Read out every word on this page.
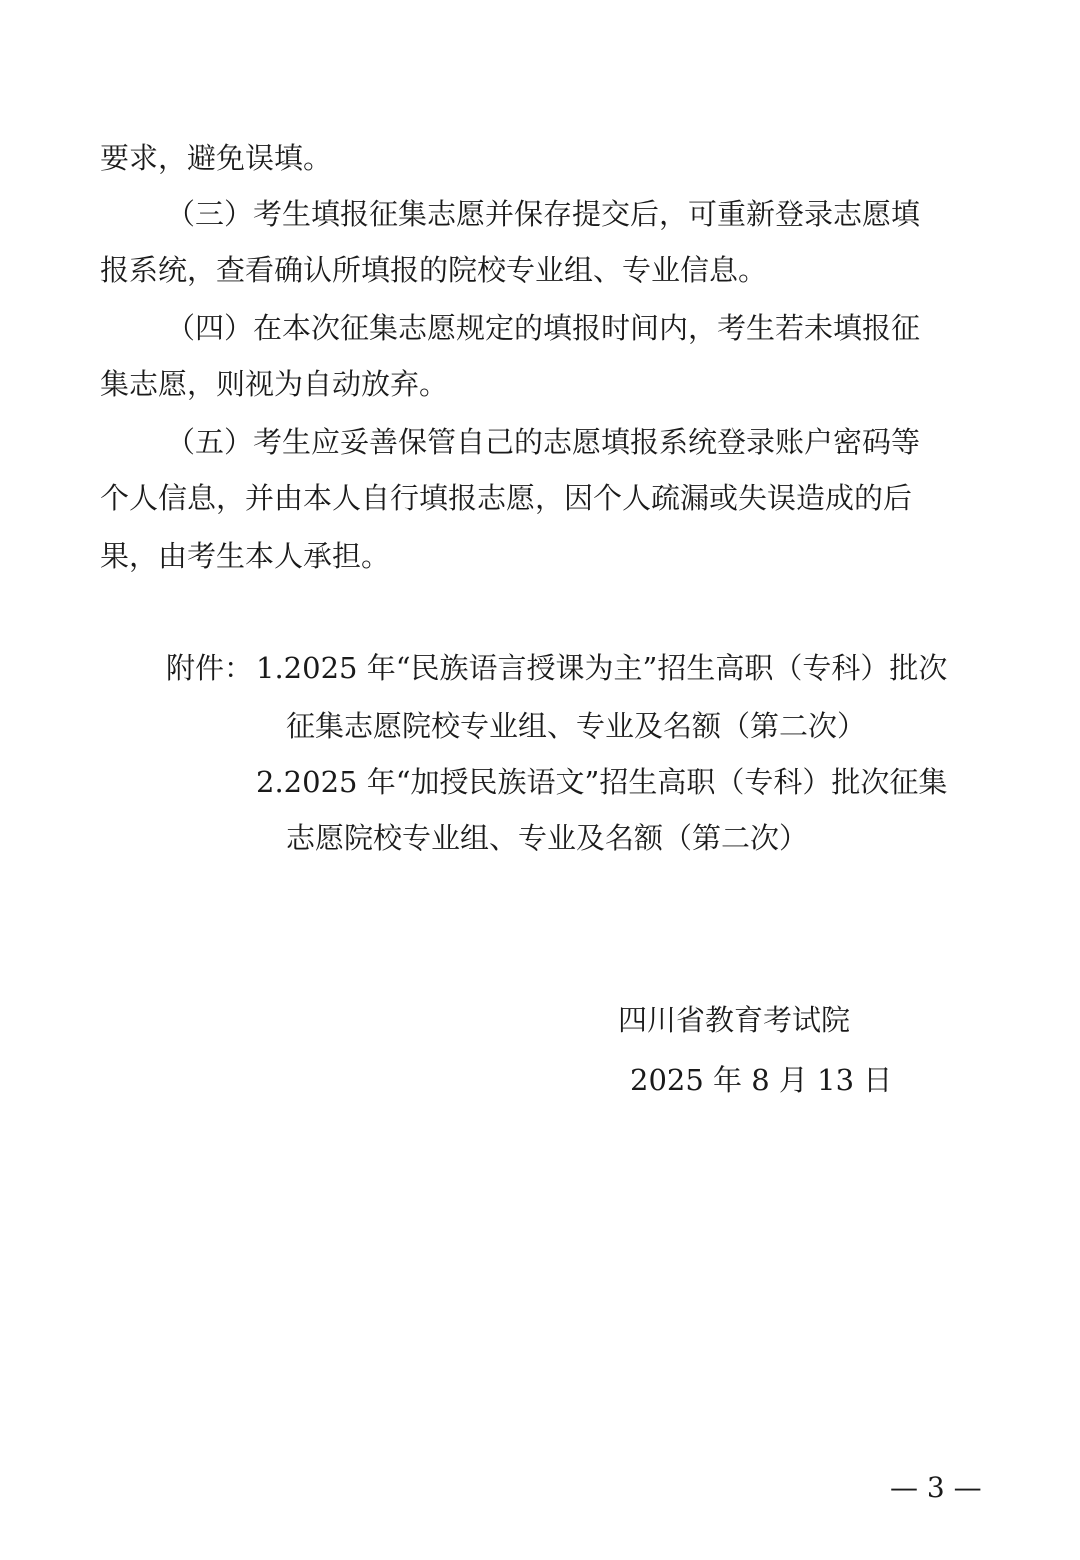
要求，避免误填。
（三）考生填报征集志愿并保存提交后，可重新登录志愿填
报系统，查看确认所填报的院校专业组、专业信息。
（四）在本次征集志愿规定的填报时间内，考生若未填报征
集志愿，则视为自动放弃。
（五）考生应妥善保管自己的志愿填报系统登录账户密码等
个人信息，并由本人自行填报志愿，因个人疏漏或失误造成的后
果，由考生本人承担。
附件： 1.2025 年“民族语言授课为主”招生高职（专科）批次
征集志愿院校专业组、专业及名额（第二次）
2.2025 年“加授民族语文”招生高职（专科）批次征集
志愿院校专业组、专业及名额（第二次）
四川省教育考试院
2025 年 8 月 13 日
— 3 —
